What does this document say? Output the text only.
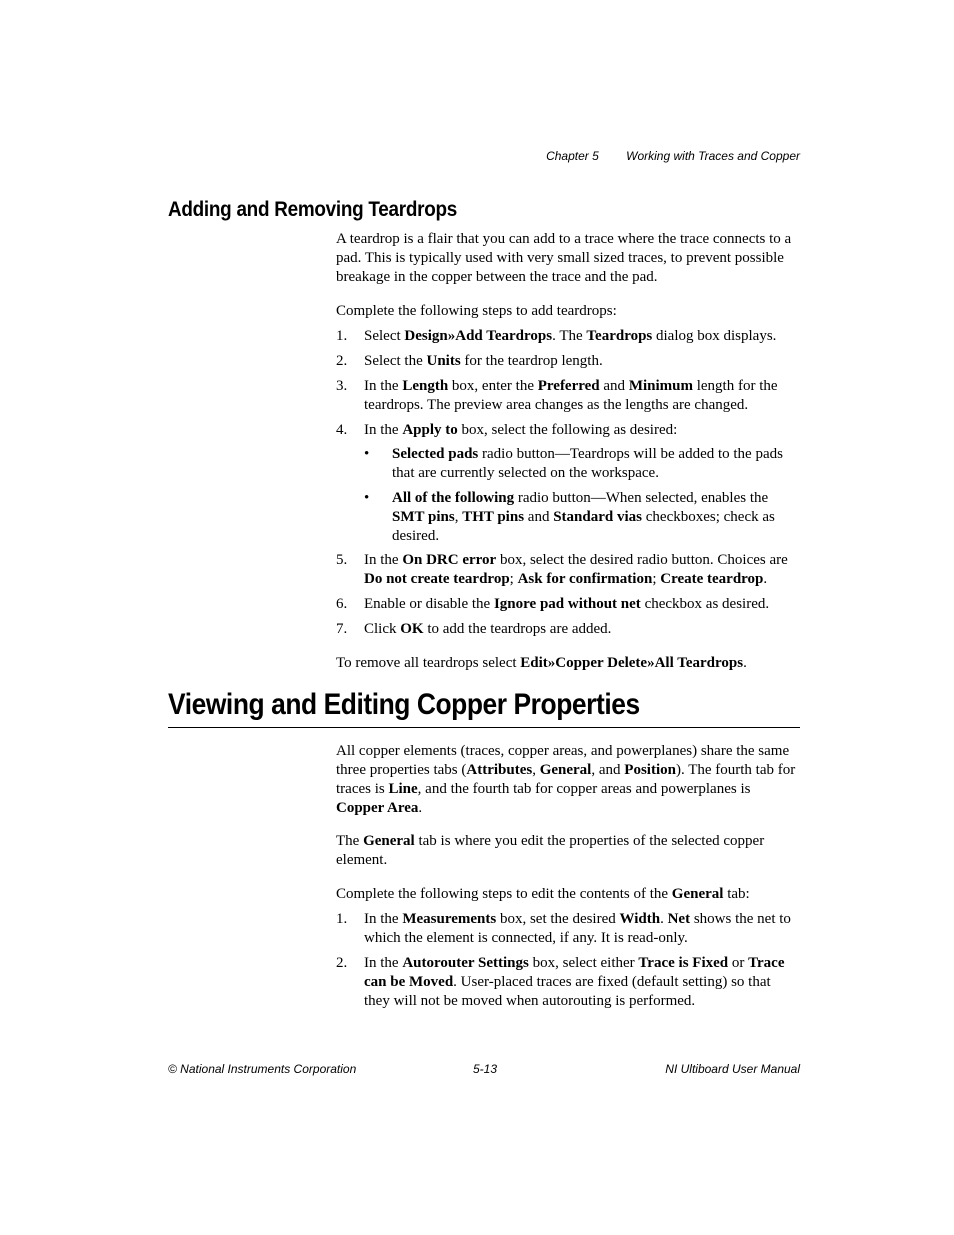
Chapter 5 Working with Traces and Copper
Adding and Removing Teardrops

A teardrop is a flair that you can add to a trace where the trace connects to a pad. This is typically used with very small sized traces, to prevent possible breakage in the copper between the trace and the pad.

Complete the following steps to add teardrops:

1. Select Design»Add Teardrops. The Teardrops dialog box displays.

2. Select the Units for the teardrop length.

3. In the Length box, enter the Preferred and Minimum length for the teardrops. The preview area changes as the lengths are changed.

4. In the Apply to box, select the following as desired:

• Selected pads radio button—Teardrops will be added to the pads that are currently selected on the workspace.

• All of the following radio button—When selected, enables the SMT pins, THT pins and Standard vias checkboxes; check as desired.

5. In the On DRC error box, select the desired radio button. Choices are Do not create teardrop; Ask for confirmation; Create teardrop.

6. Enable or disable the Ignore pad without net checkbox as desired.

7. Click OK to add the teardrops are added.

To remove all teardrops select Edit»Copper Delete»All Teardrops.

Viewing and Editing Copper Properties

All copper elements (traces, copper areas, and powerplanes) share the same three properties tabs (Attributes, General, and Position). The fourth tab for traces is Line, and the fourth tab for copper areas and powerplanes is Copper Area.

The General tab is where you edit the properties of the selected copper element.

Complete the following steps to edit the contents of the General tab:

1. In the Measurements box, set the desired Width. Net shows the net to which the element is connected, if any. It is read-only.

2. In the Autorouter Settings box, select either Trace is Fixed or Trace can be Moved. User-placed traces are fixed (default setting) so that they will not be moved when autorouting is performed.

© National Instruments Corporation	5-13	NI Ultiboard User Manual
